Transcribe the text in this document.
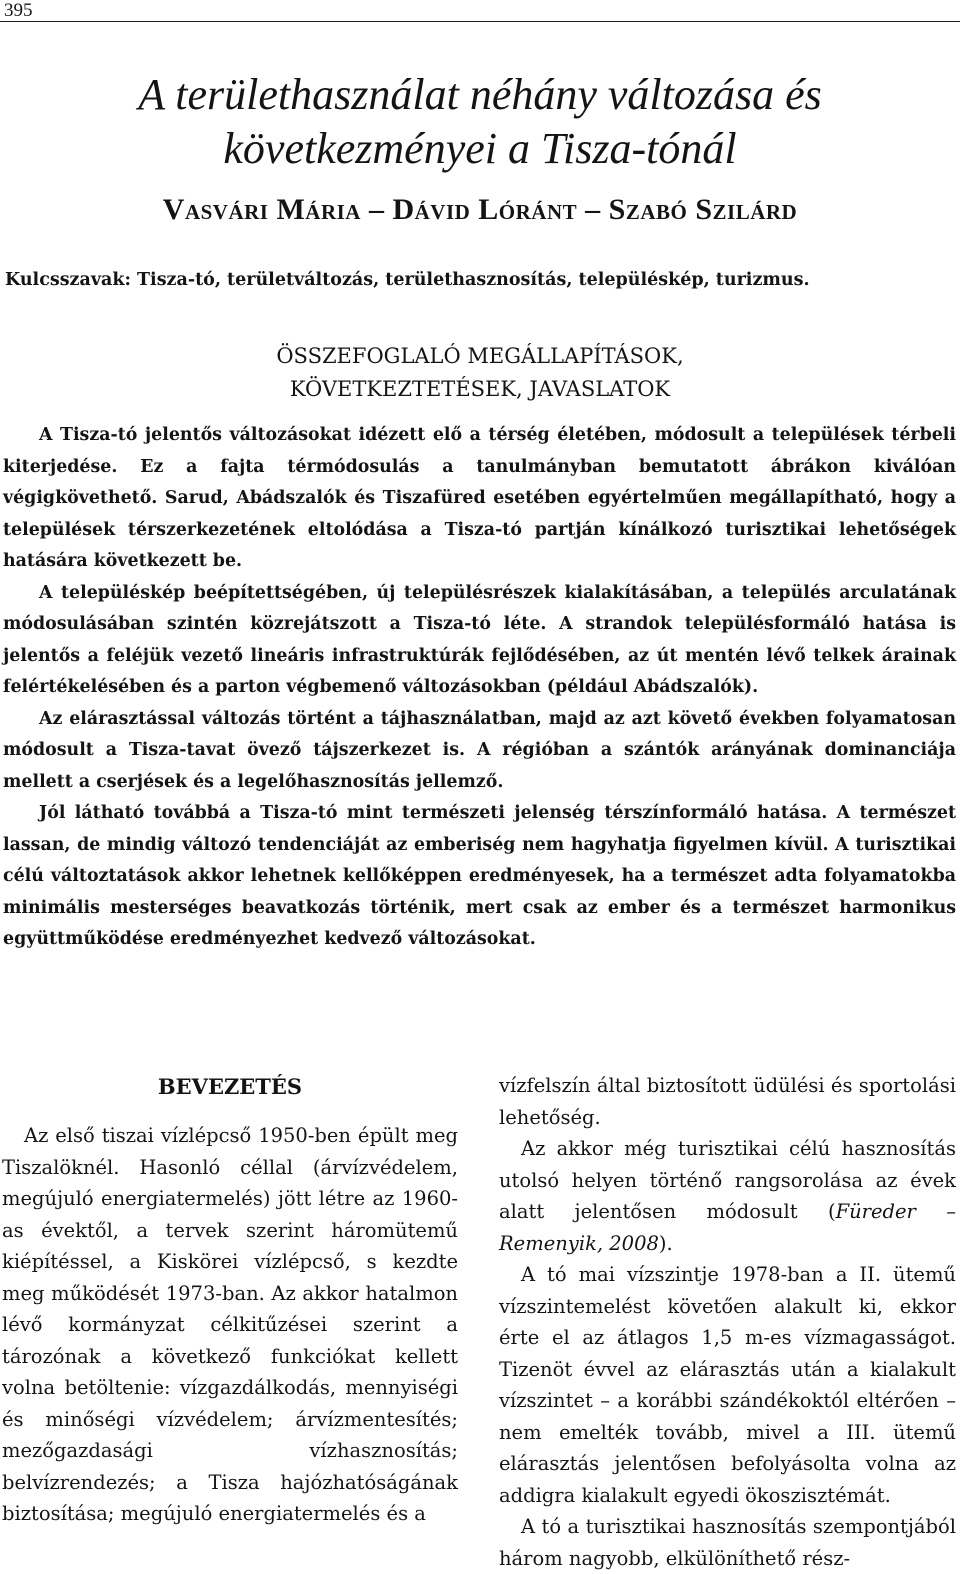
395
A területhasználat néhány változása és
következményei a Tisza-tónál
Vasvári Mária – Dávid Lóránt – Szabó Szilárd
Kulcsszavak: Tisza-tó, területváltozás, területhasznosítás, településkép, turizmus.
ÖSSZEFOGLALÓ MEGÁLLAPÍTÁSOK,
KÖVETKEZTETÉSEK, JAVASLATOK

A Tisza-tó jelentős változásokat idézett elő a térség életében, módosult a települések térbeli kiterjedése. Ez a fajta térmódosulás a tanulmányban bemutatott ábrákon kiválóan végigkövethető. Sarud, Abádszalók és Tiszafüred esetében egyértelműen megállapítható, hogy a települések térszerkezetének eltolódása a Tisza-tó partján kínálkozó turisztikai lehetőségek hatására következett be.

A településkép beépítettségében, új településrészek kialakításában, a település arculatának módosulásában szintén közrejátszott a Tisza-tó léte. A strandok településformáló hatása is jelentős a feléjük vezető lineáris infrastruktúrák fejlődésében, az út mentén lévő telkek árainak felértékelésében és a parton végbemenő változásokban (például Abádszalók).

Az elárasztással változás történt a tájhasználatban, majd az azt követő években folyamatosan módosult a Tisza-tavat övező tájszerkezet is. A régióban a szántók arányának dominanciája mellett a cserjések és a legelőhasznosítás jellemző.

Jól látható továbbá a Tisza-tó mint természeti jelenség térszínformáló hatása. A természet lassan, de mindig változó tendenciáját az emberiség nem hagyhatja figyelmen kívül. A turisztikai célú változtatások akkor lehetnek kellőképpen eredményesek, ha a természet adta folyamatokba minimális mesterséges beavatkozás történik, mert csak az ember és a természet harmonikus együttműködése eredményezhet kedvező változásokat.

BEVEZETÉS

Az első tiszai vízlépcső 1950-ben épült meg Tiszalöknél. Hasonló céllal (árvízvédelem, megújuló energiatermelés) jött létre az 1960-as évektől, a tervek szerint háromütemű kiépítéssel, a Kiskörei vízlépcső, s kezdte meg működését 1973-ban. Az akkor hatalmon lévő kormányzat célkitűzései szerint a tározónak a következő funkciókat kellett volna betöltenie: vízgazdálkodás, mennyiségi és minőségi vízvédelem; árvízmentesítés; mezőgazdasági vízhasznosítás; belvízrendezés; a Tisza hajózhatóságának biztosítása; megújuló energiatermelés és a

vízfelszín által biztosított üdülési és sportolási lehetőség.

Az akkor még turisztikai célú hasznosítás utolsó helyen történő rangsorolása az évek alatt jelentősen módosult (Füreder – Remenyik, 2008).

A tó mai vízszintje 1978-ban a II. ütemű vízszintemelést követően alakult ki, ekkor érte el az átlagos 1,5 m-es vízmagasságot. Tizenöt évvel az elárasztás után a kialakult vízszintet – a korábbi szándékoktól eltérően – nem emelték tovább, mivel a III. ütemű elárasztás jelentősen befolyásolta volna az addigra kialakult egyedi ökoszisztémát.

A tó a turisztikai hasznosítás szempontjából három nagyobb, elkülöníthető rész-
